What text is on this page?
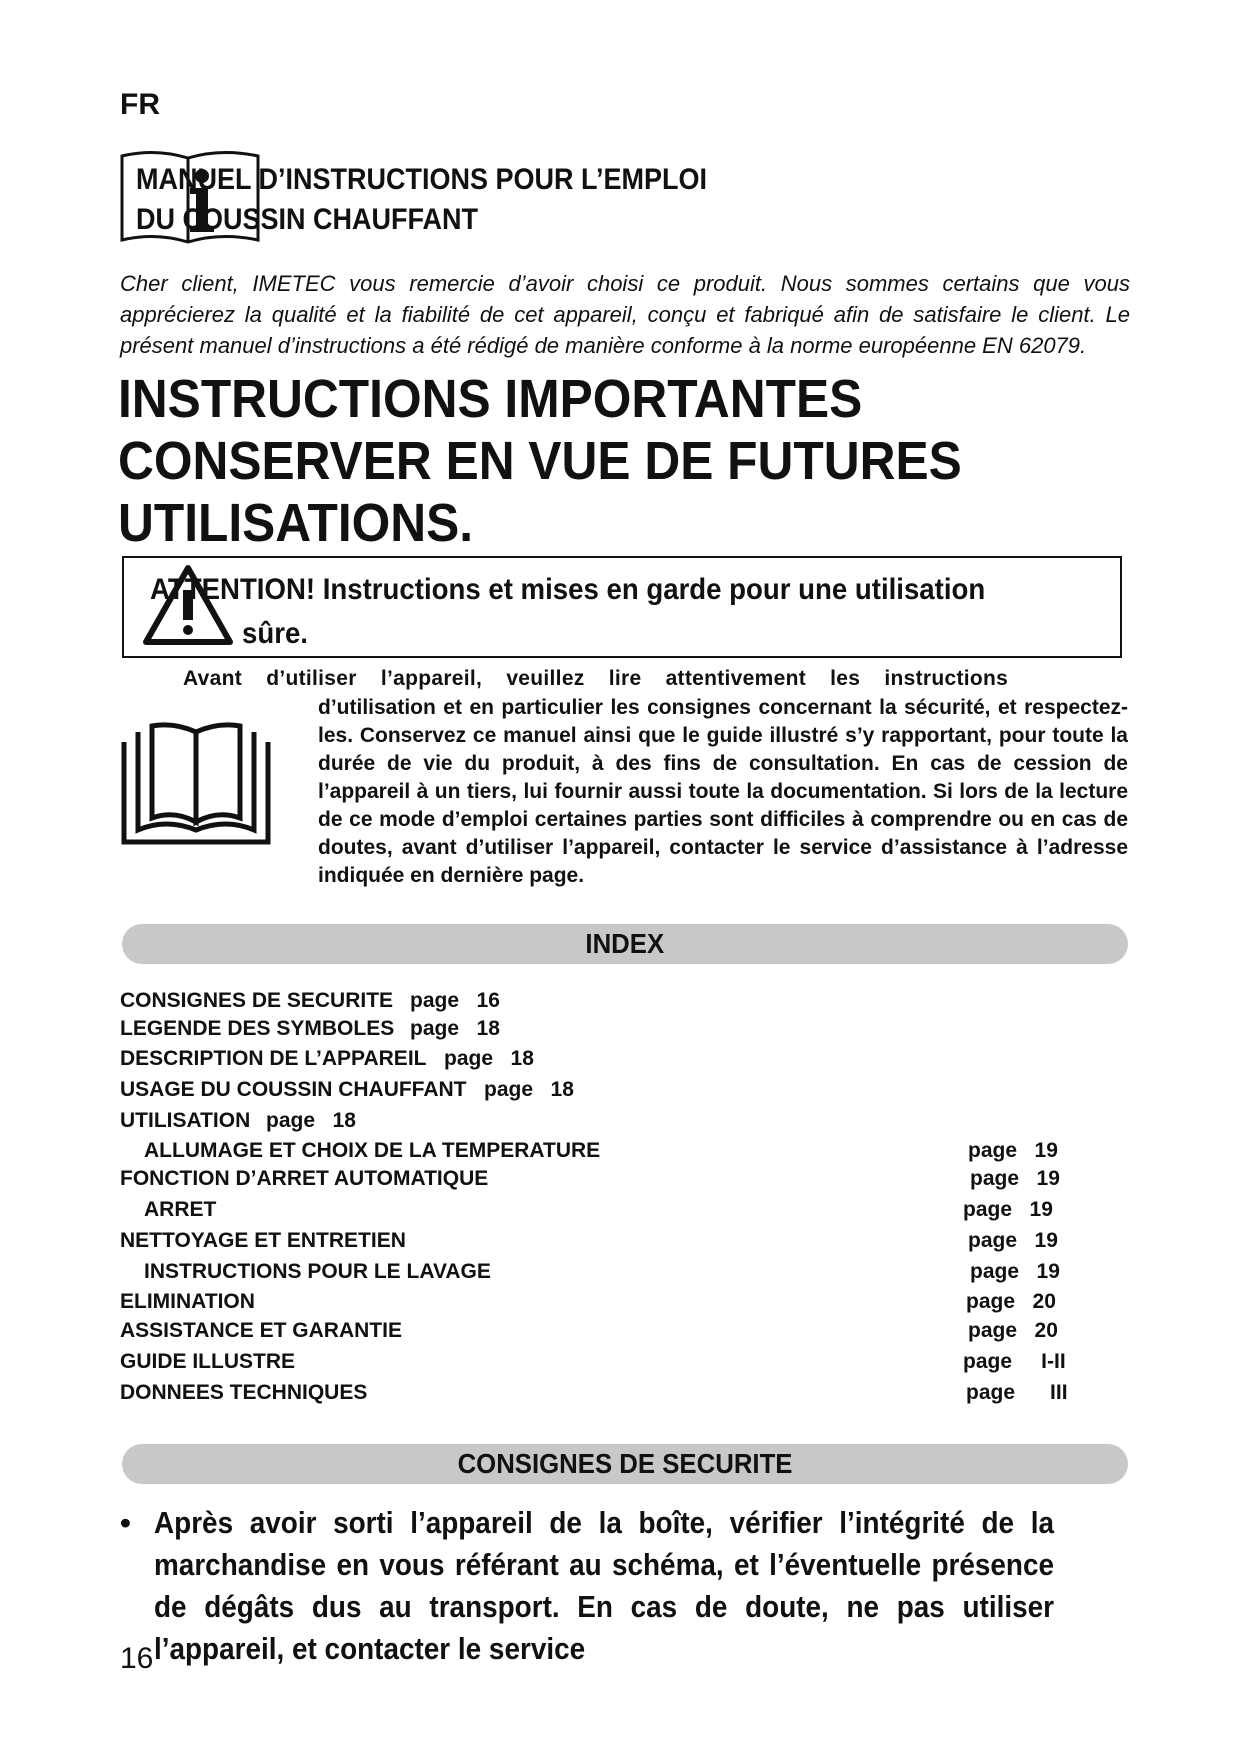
FR
MANUEL D’INSTRUCTIONS POUR L’EMPLOI
DU COUSSIN CHAUFFANT
Cher client, IMETEC vous remercie d’avoir choisi ce produit. Nous sommes certains que vous apprécierez la qualité et la fiabilité de cet appareil, conçu et fabriqué afin de satisfaire le client. Le présent manuel d’instructions a été rédigé de manière conforme à la norme européenne EN 62079.
INSTRUCTIONS IMPORTANTES
CONSERVER EN VUE DE FUTURES
UTILISATIONS.
ATTENTION! Instructions et mises en garde pour une utilisation
sûre.
Avant d’utiliser l’appareil, veuillez lire attentivement les instructions
d’utilisation et en particulier les consignes concernant la sécurité, et respectez-les. Conservez ce manuel ainsi que le guide illustré s’y rapportant, pour toute la durée de vie du produit, à des fins de consultation. En cas de cession de l’appareil à un tiers, lui fournir aussi toute la documentation. Si lors de la lecture de ce mode d’emploi certaines parties sont difficiles à comprendre ou en cas de doutes, avant d’utiliser l’appareil, contacter le service d’assistance à l’adresse indiquée en dernière page.
INDEX
CONSIGNES DE SECURITE page   16
LEGENDE DES SYMBOLES page   18
DESCRIPTION DE L’APPAREIL page   18
USAGE DU COUSSIN CHAUFFANT page   18
UTILISATION page   18
ALLUMAGE ET CHOIX DE LA TEMPERATURE	page   19
FONCTION D’ARRET AUTOMATIQUE	page   19
ARRET	page   19
NETTOYAGE ET ENTRETIEN	page   19
INSTRUCTIONS POUR LE LAVAGE	page   19
ELIMINATION	page   20
ASSISTANCE ET GARANTIE	page   20
GUIDE ILLUSTRE	page     I-II
DONNEES TECHNIQUES	page      III
CONSIGNES DE SECURITE
• Après avoir sorti l’appareil de la boîte, vérifier l’intégrité de la marchandise en vous référant au schéma, et l’éventuelle présence de dégâts dus au transport. En cas de doute, ne pas utiliser l’appareil, et contacter le service
16
